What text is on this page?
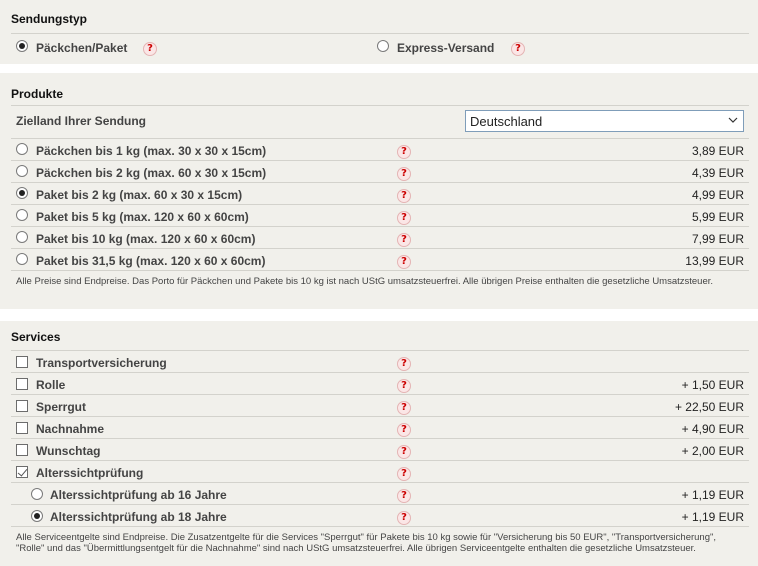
Sendungstyp
Päckchen/Paket	?	Express-Versand	?
Produkte
Zielland Ihrer Sendung	Deutschland
Päckchen bis 1 kg (max. 30 x 30 x 15cm)	?	3,89 EUR
Päckchen bis 2 kg (max. 60 x 30 x 15cm)	?	4,39 EUR
Paket bis 2 kg (max. 60 x 30 x 15cm)	?	4,99 EUR
Paket bis 5 kg (max. 120 x 60 x 60cm)	?	5,99 EUR
Paket bis 10 kg (max. 120 x 60 x 60cm)	?	7,99 EUR
Paket bis 31,5 kg (max. 120 x 60 x 60cm)	?	13,99 EUR
Alle Preise sind Endpreise. Das Porto für Päckchen und Pakete bis 10 kg ist nach UStG umsatzsteuerfrei. Alle übrigen Preise enthalten die gesetzliche Umsatzsteuer.
Services
Transportversicherung	?
Rolle	?	+ 1,50 EUR
Sperrgut	?	+ 22,50 EUR
Nachnahme	?	+ 4,90 EUR
Wunschtag	?	+ 2,00 EUR
Alterssichtprüfung	?
Alterssichtprüfung ab 16 Jahre	?	+ 1,19 EUR
Alterssichtprüfung ab 18 Jahre	?	+ 1,19 EUR
Alle Serviceentgelte sind Endpreise. Die Zusatzentgelte für die Services "Sperrgut" für Pakete bis 10 kg sowie für "Versicherung bis 50 EUR", "Transportversicherung", "Rolle" und das "Übermittlungsentgelt für die Nachnahme" sind nach UStG umsatzsteuerfrei. Alle übrigen Serviceentgelte enthalten die gesetzliche Umsatzsteuer.
